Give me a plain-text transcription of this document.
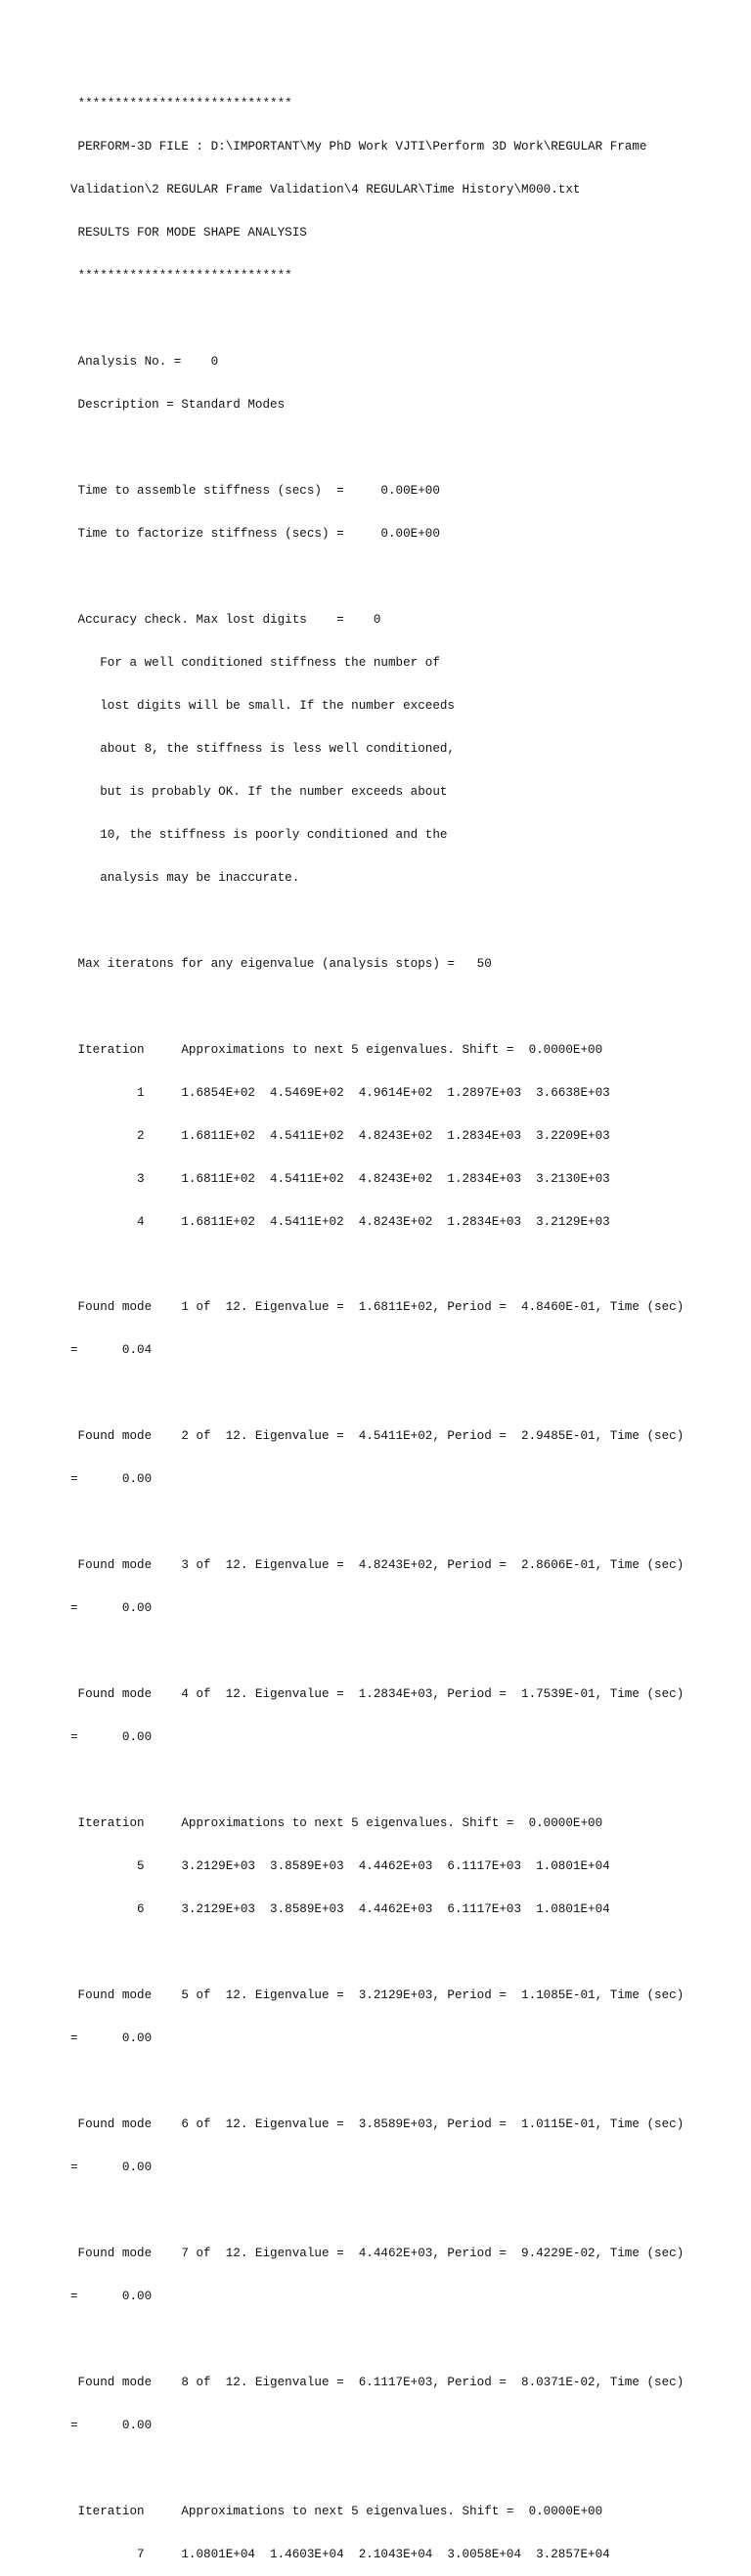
*****************************

PERFORM-3D FILE : D:\IMPORTANT\My PhD Work VJTI\Perform 3D Work\REGULAR Frame

Validation\2 REGULAR Frame Validation\4 REGULAR\Time History\M000.txt

RESULTS FOR MODE SHAPE ANALYSIS

*****************************

Analysis No. =    0

Description = Standard Modes

Time to assemble stiffness (secs)  =     0.00E+00

Time to factorize stiffness (secs) =     0.00E+00

Accuracy check. Max lost digits    =    0

For a well conditioned stiffness the number of

lost digits will be small. If the number exceeds

about 8, the stiffness is less well conditioned,

but is probably OK. If the number exceeds about

10, the stiffness is poorly conditioned and the

analysis may be inaccurate.

Max iteratons for any eigenvalue (analysis stops) =   50

Iteration     Approximations to next 5 eigenvalues. Shift =  0.0000E+00

1     1.6854E+02  4.5469E+02  4.9614E+02  1.2897E+03  3.6638E+03

2     1.6811E+02  4.5411E+02  4.8243E+02  1.2834E+03  3.2209E+03

3     1.6811E+02  4.5411E+02  4.8243E+02  1.2834E+03  3.2130E+03

4     1.6811E+02  4.5411E+02  4.8243E+02  1.2834E+03  3.2129E+03

Found mode    1 of  12. Eigenvalue =  1.6811E+02, Period =  4.8460E-01, Time (sec)

=      0.04

Found mode    2 of  12. Eigenvalue =  4.5411E+02, Period =  2.9485E-01, Time (sec)

=      0.00

Found mode    3 of  12. Eigenvalue =  4.8243E+02, Period =  2.8606E-01, Time (sec)

=      0.00

Found mode    4 of  12. Eigenvalue =  1.2834E+03, Period =  1.7539E-01, Time (sec)

=      0.00

Iteration     Approximations to next 5 eigenvalues. Shift =  0.0000E+00

5     3.2129E+03  3.8589E+03  4.4462E+03  6.1117E+03  1.0801E+04

6     3.2129E+03  3.8589E+03  4.4462E+03  6.1117E+03  1.0801E+04

Found mode    5 of  12. Eigenvalue =  3.2129E+03, Period =  1.1085E-01, Time (sec)

=      0.00

Found mode    6 of  12. Eigenvalue =  3.8589E+03, Period =  1.0115E-01, Time (sec)

=      0.00

Found mode    7 of  12. Eigenvalue =  4.4462E+03, Period =  9.4229E-02, Time (sec)

=      0.00

Found mode    8 of  12. Eigenvalue =  6.1117E+03, Period =  8.0371E-02, Time (sec)

=      0.00

Iteration     Approximations to next 5 eigenvalues. Shift =  0.0000E+00

7     1.0801E+04  1.4603E+04  2.1043E+04  3.0058E+04  3.2857E+04
